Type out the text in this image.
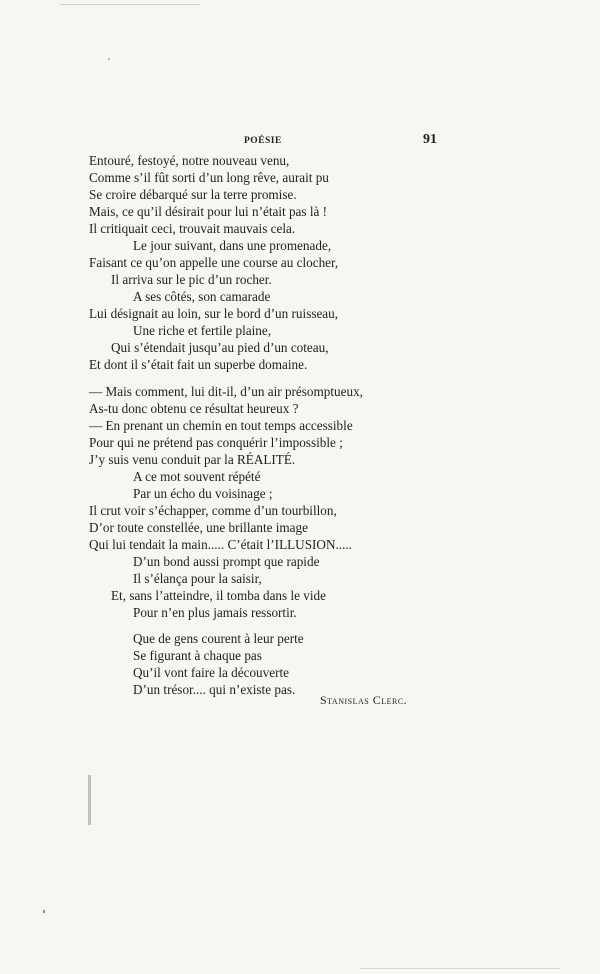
POÉSIE	91
Entouré, festoyé, notre nouveau venu,
Comme s’il fût sorti d’un long rêve, aurait pu
Se croire débarqué sur la terre promise.
Mais, ce qu’il désirait pour lui n’était pas là !
Il critiquait ceci, trouvait mauvais cela.
Le jour suivant, dans une promenade,
Faisant ce qu’on appelle une course au clocher,
Il arriva sur le pic d’un rocher.
A ses côtés, son camarade
Lui désignait au loin, sur le bord d’un ruisseau,
Une riche et fertile plaine,
Qui s’étendait jusqu’au pied d’un coteau,
Et dont il s’était fait un superbe domaine.
— Mais comment, lui dit-il, d’un air présomptueux,
As-tu donc obtenu ce résultat heureux ?
— En prenant un chemin en tout temps accessible
Pour qui ne prétend pas conquérir l’impossible ;
J’y suis venu conduit par la RÉALITÉ.
A ce mot souvent répété
Par un écho du voisinage ;
Il crut voir s’échapper, comme d’un tourbillon,
D’or toute constellée, une brillante image
Qui lui tendait la main..... C’était l’ILLUSION.....
D’un bond aussi prompt que rapide
Il s’élança pour la saisir,
Et, sans l’atteindre, il tomba dans le vide
Pour n’en plus jamais ressortir.
Que de gens courent à leur perte
Se figurant à chaque pas
Qu’il vont faire la découverte
D’un trésor.... qui n’existe pas.
Stanislas Clerc.
